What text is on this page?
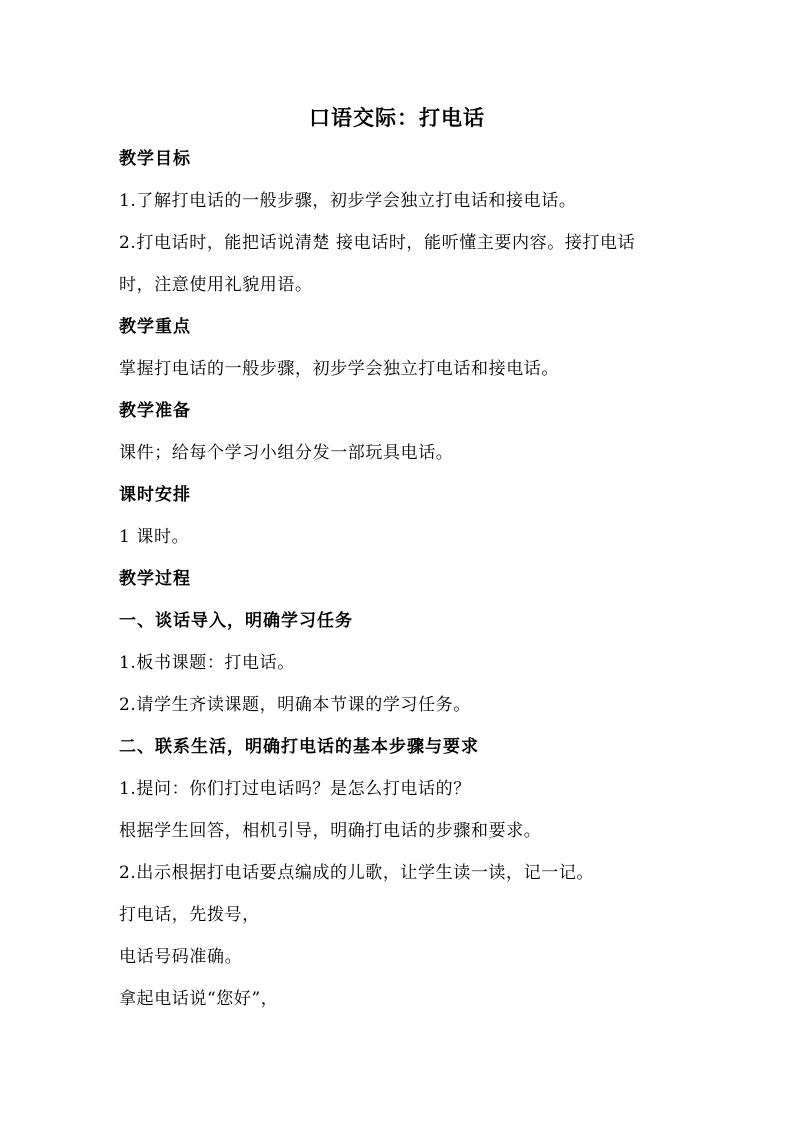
口语交际：打电话
教学目标
1.了解打电话的一般步骤，初步学会独立打电话和接电话。
2.打电话时，能把话说清楚 接电话时，能听懂主要内容。接打电话
时，注意使用礼貌用语。
教学重点
掌握打电话的一般步骤，初步学会独立打电话和接电话。
教学准备
课件；给每个学习小组分发一部玩具电话。
课时安排
1 课时。
教学过程
一、谈话导入，明确学习任务
1.板书课题：打电话。
2.请学生齐读课题，明确本节课的学习任务。
二、联系生活，明确打电话的基本步骤与要求
1.提问：你们打过电话吗？是怎么打电话的？
根据学生回答，相机引导，明确打电话的步骤和要求。
2.出示根据打电话要点编成的儿歌，让学生读一读，记一记。
打电话，先拨号，
电话号码准确。
拿起电话说“您好”，
